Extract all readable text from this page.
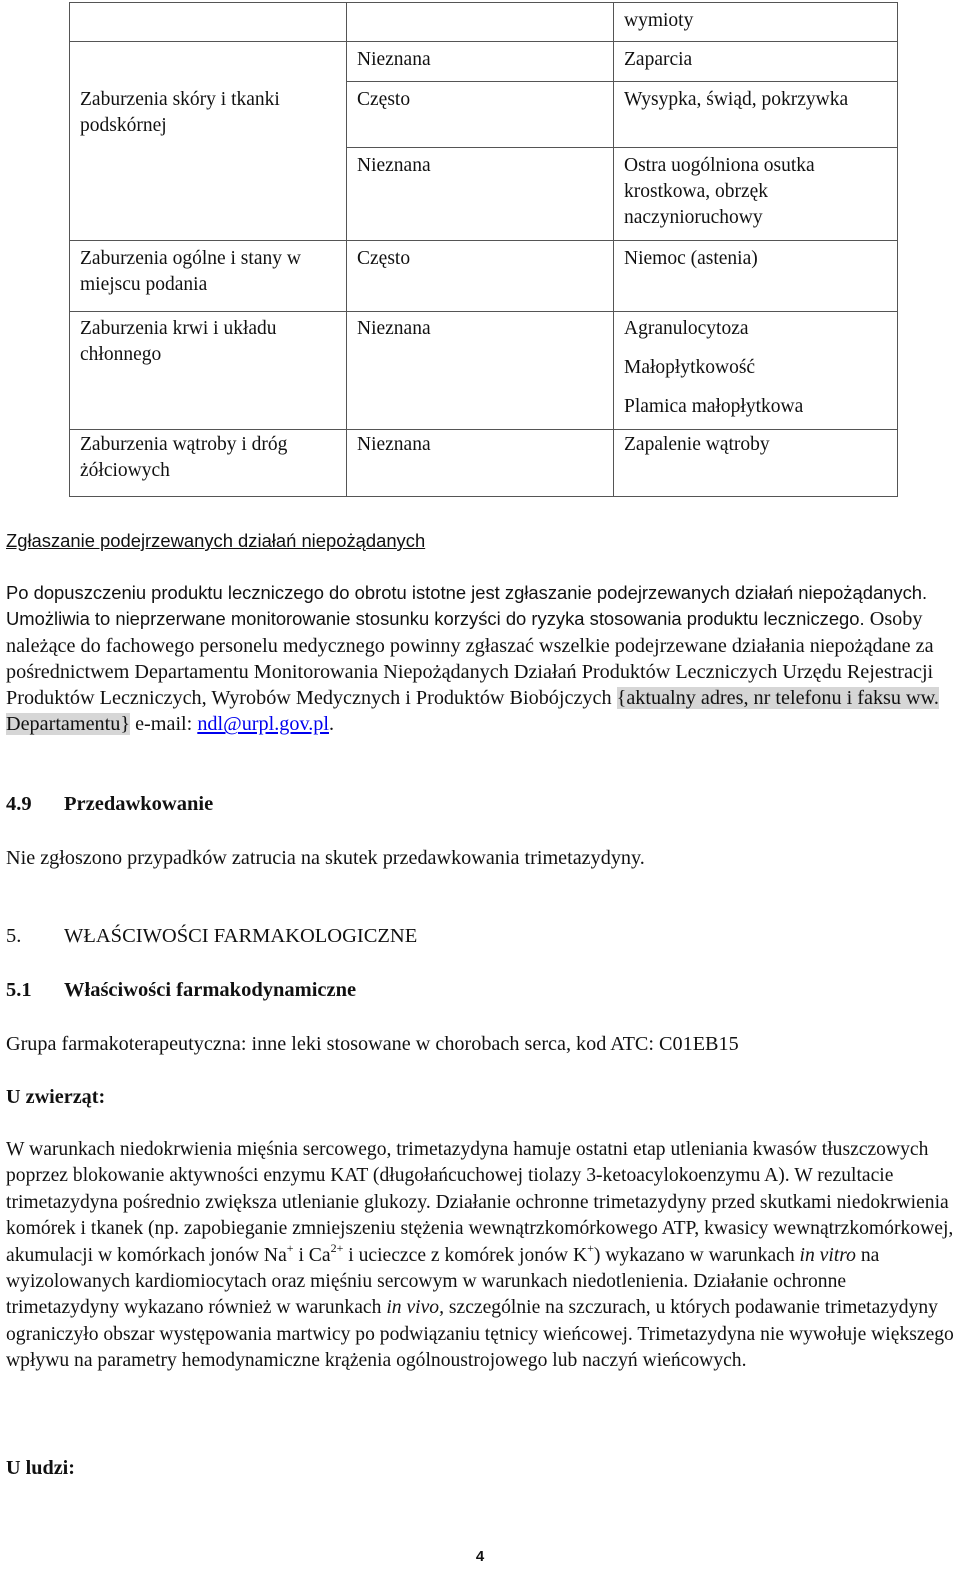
		wymioty

	Nieznana	Zaparcia

Zaburzenia skóry i tkanki podskórnej	Często	Wysypka, świąd, pokrzywka

	Nieznana	Ostra uogólniona osutka krostkowa, obrzęk naczynioruchowy

Zaburzenia ogólne i stany w miejscu podania	Często	Niemoc (astenia)

Zaburzenia krwi i układu chłonnego	Nieznana	Agranulocytoza
Małopłytkowość
Plamica małopłytkowa

Zaburzenia wątroby i dróg żółciowych	Nieznana	Zapalenie wątroby
Zgłaszanie podejrzewanych działań niepożądanych
Po dopuszczeniu produktu leczniczego do obrotu istotne jest zgłaszanie podejrzewanych działań niepożądanych. Umożliwia to nieprzerwane monitorowanie stosunku korzyści do ryzyka stosowania produktu leczniczego. Osoby należące do fachowego personelu medycznego powinny zgłaszać wszelkie podejrzewane działania niepożądane za pośrednictwem Departamentu Monitorowania Niepożądanych Działań Produktów Leczniczych Urzędu Rejestracji Produktów Leczniczych, Wyrobów Medycznych i Produktów Biobójczych {aktualny adres, nr telefonu i faksu ww. Departamentu} e-mail: ndl@urpl.gov.pl.
4.9 Przedawkowanie
Nie zgłoszono przypadków zatrucia na skutek przedawkowania trimetazydyny.
5. WŁAŚCIWOŚCI FARMAKOLOGICZNE
5.1 Właściwości farmakodynamiczne
Grupa farmakoterapeutyczna: inne leki stosowane w chorobach serca, kod ATC: C01EB15
U zwierząt:
W warunkach niedokrwienia mięśnia sercowego, trimetazydyna hamuje ostatni etap utleniania kwasów tłuszczowych poprzez blokowanie aktywności enzymu KAT (długołańcuchowej tiolazy 3-ketoacylokoenzymu A). W rezultacie trimetazydyna pośrednio zwiększa utlenianie glukozy. Działanie ochronne trimetazydyny przed skutkami niedokrwienia komórek i tkanek (np. zapobieganie zmniejszeniu stężenia wewnątrzkomórkowego ATP, kwasicy wewnątrzkomórkowej, akumulacji w komórkach jonów Na+ i $Ca^{2+}$ i ucieczce z komórek jonów K+) wykazano w warunkach in vitro na wyizolowanych kardiomiocytach oraz mięśniu sercowym w warunkach niedotlenienia. Działanie ochronne trimetazydyny wykazano również w warunkach in vivo, szczególnie na szczurach, u których podawanie trimetazydyny ograniczyło obszar występowania martwicy po podwiązaniu tętnicy wieńcowej. Trimetazydyna nie wywołuje większego wpływu na parametry hemodynamiczne krążenia ogólnoustrojowego lub naczyń wieńcowych.
U ludzi:
4
